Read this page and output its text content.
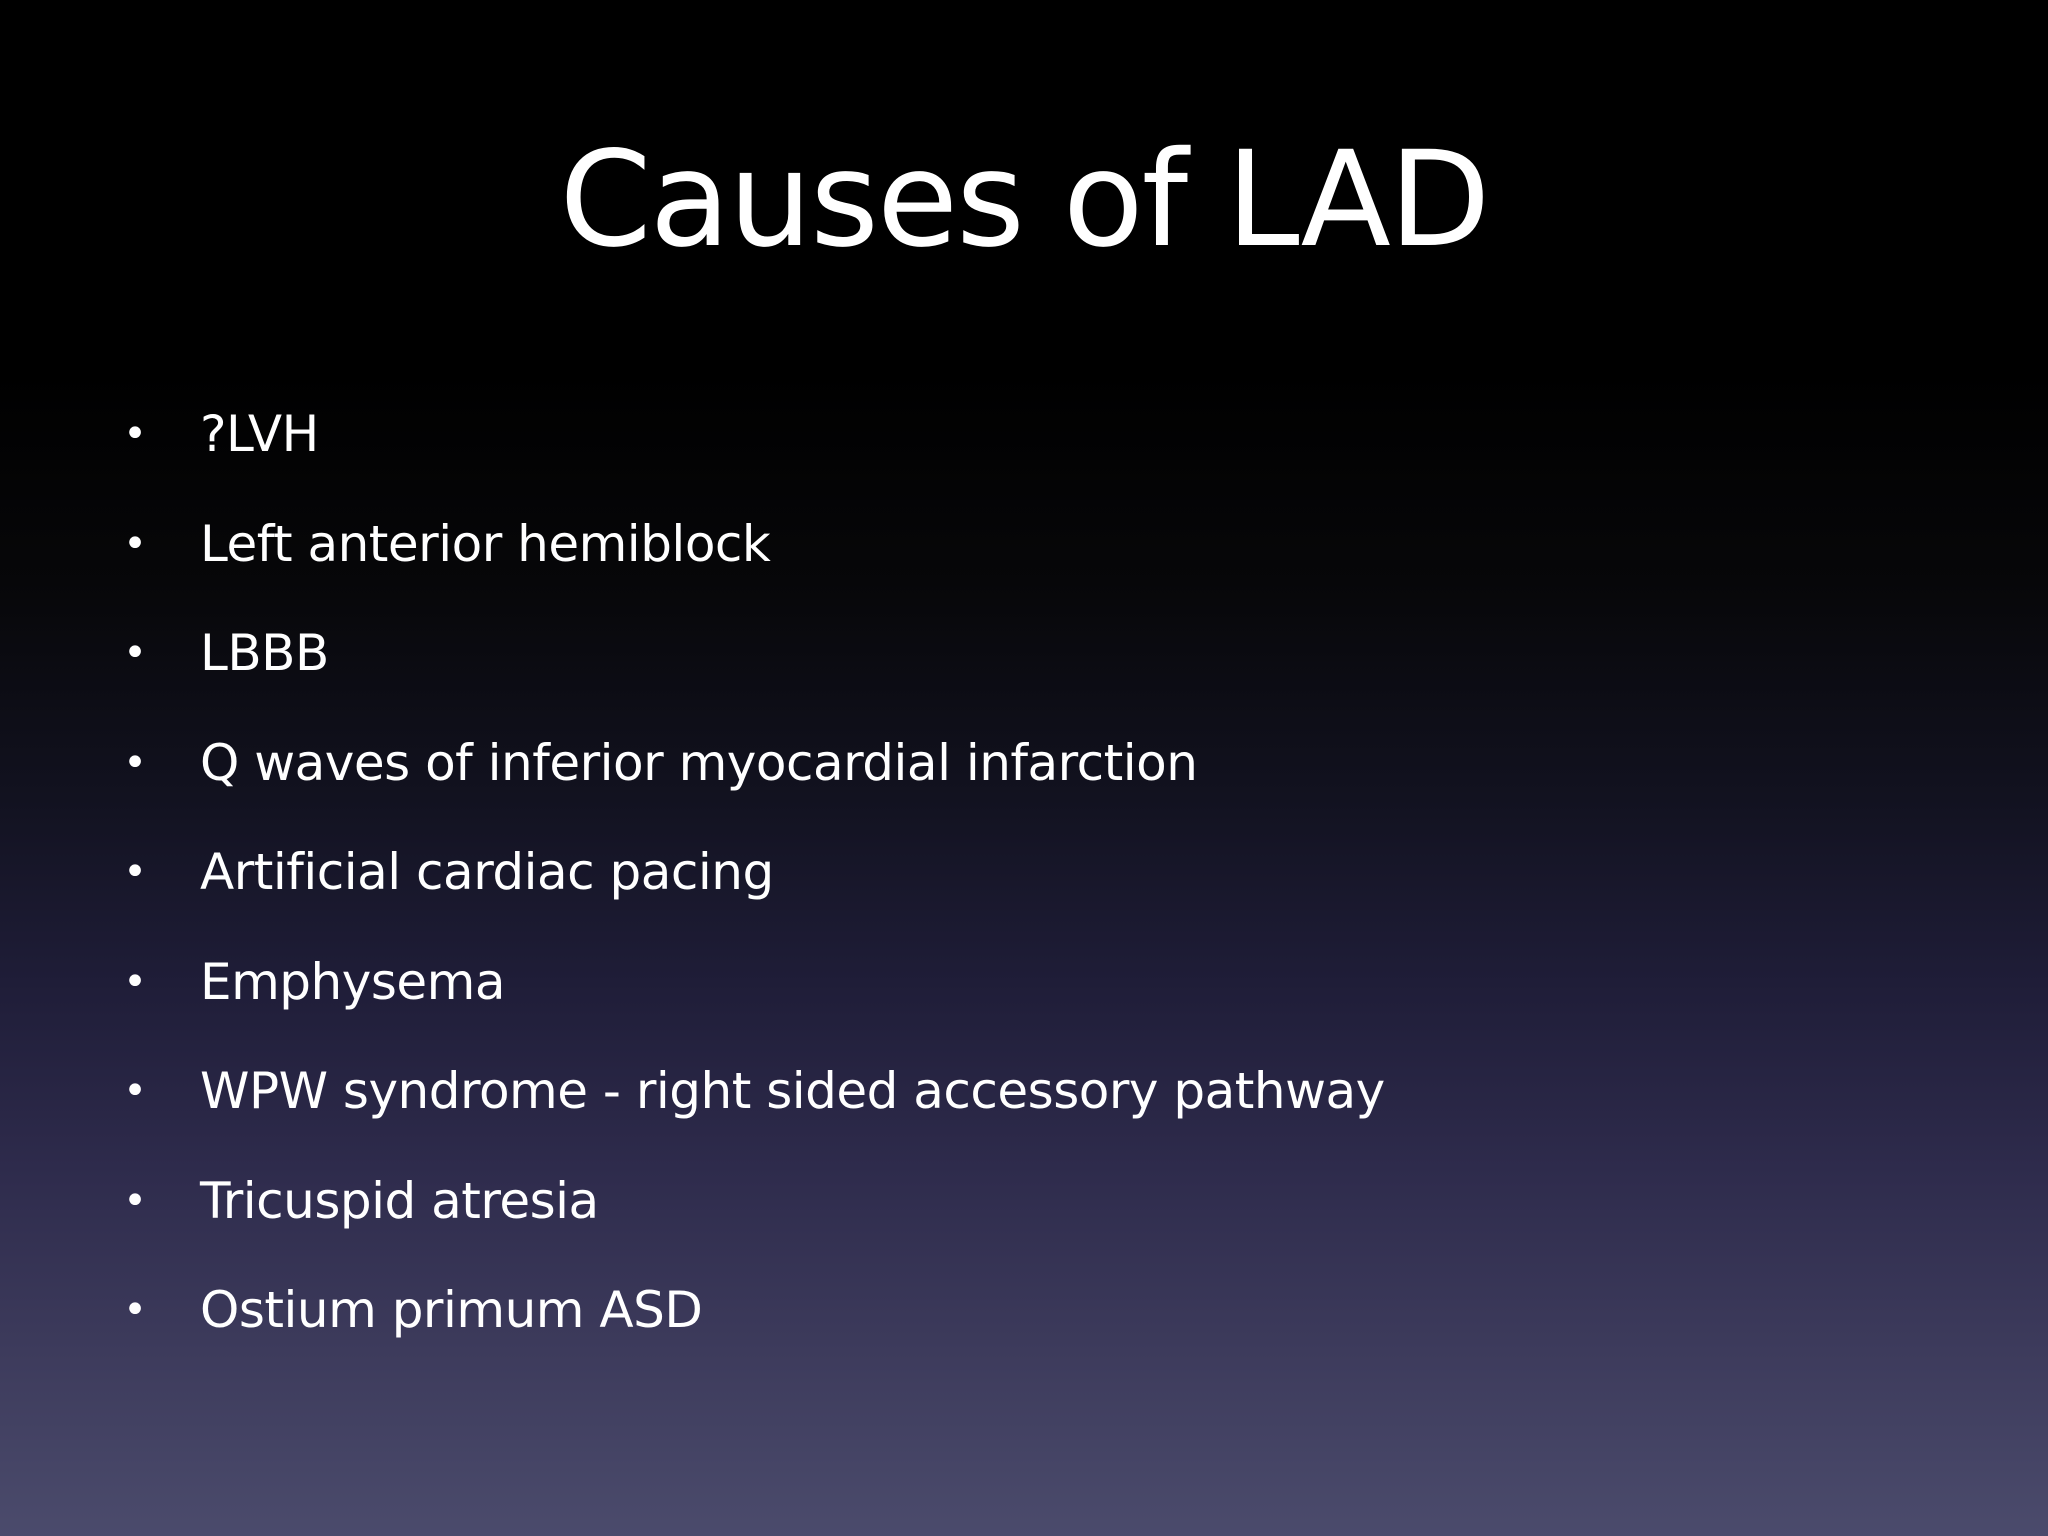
Causes of LAD
• ?LVH
• Left anterior hemiblock
• LBBB
• Q waves of inferior myocardial infarction
• Artificial cardiac pacing
• Emphysema
• WPW syndrome - right sided accessory pathway
• Tricuspid atresia
• Ostium primum ASD
